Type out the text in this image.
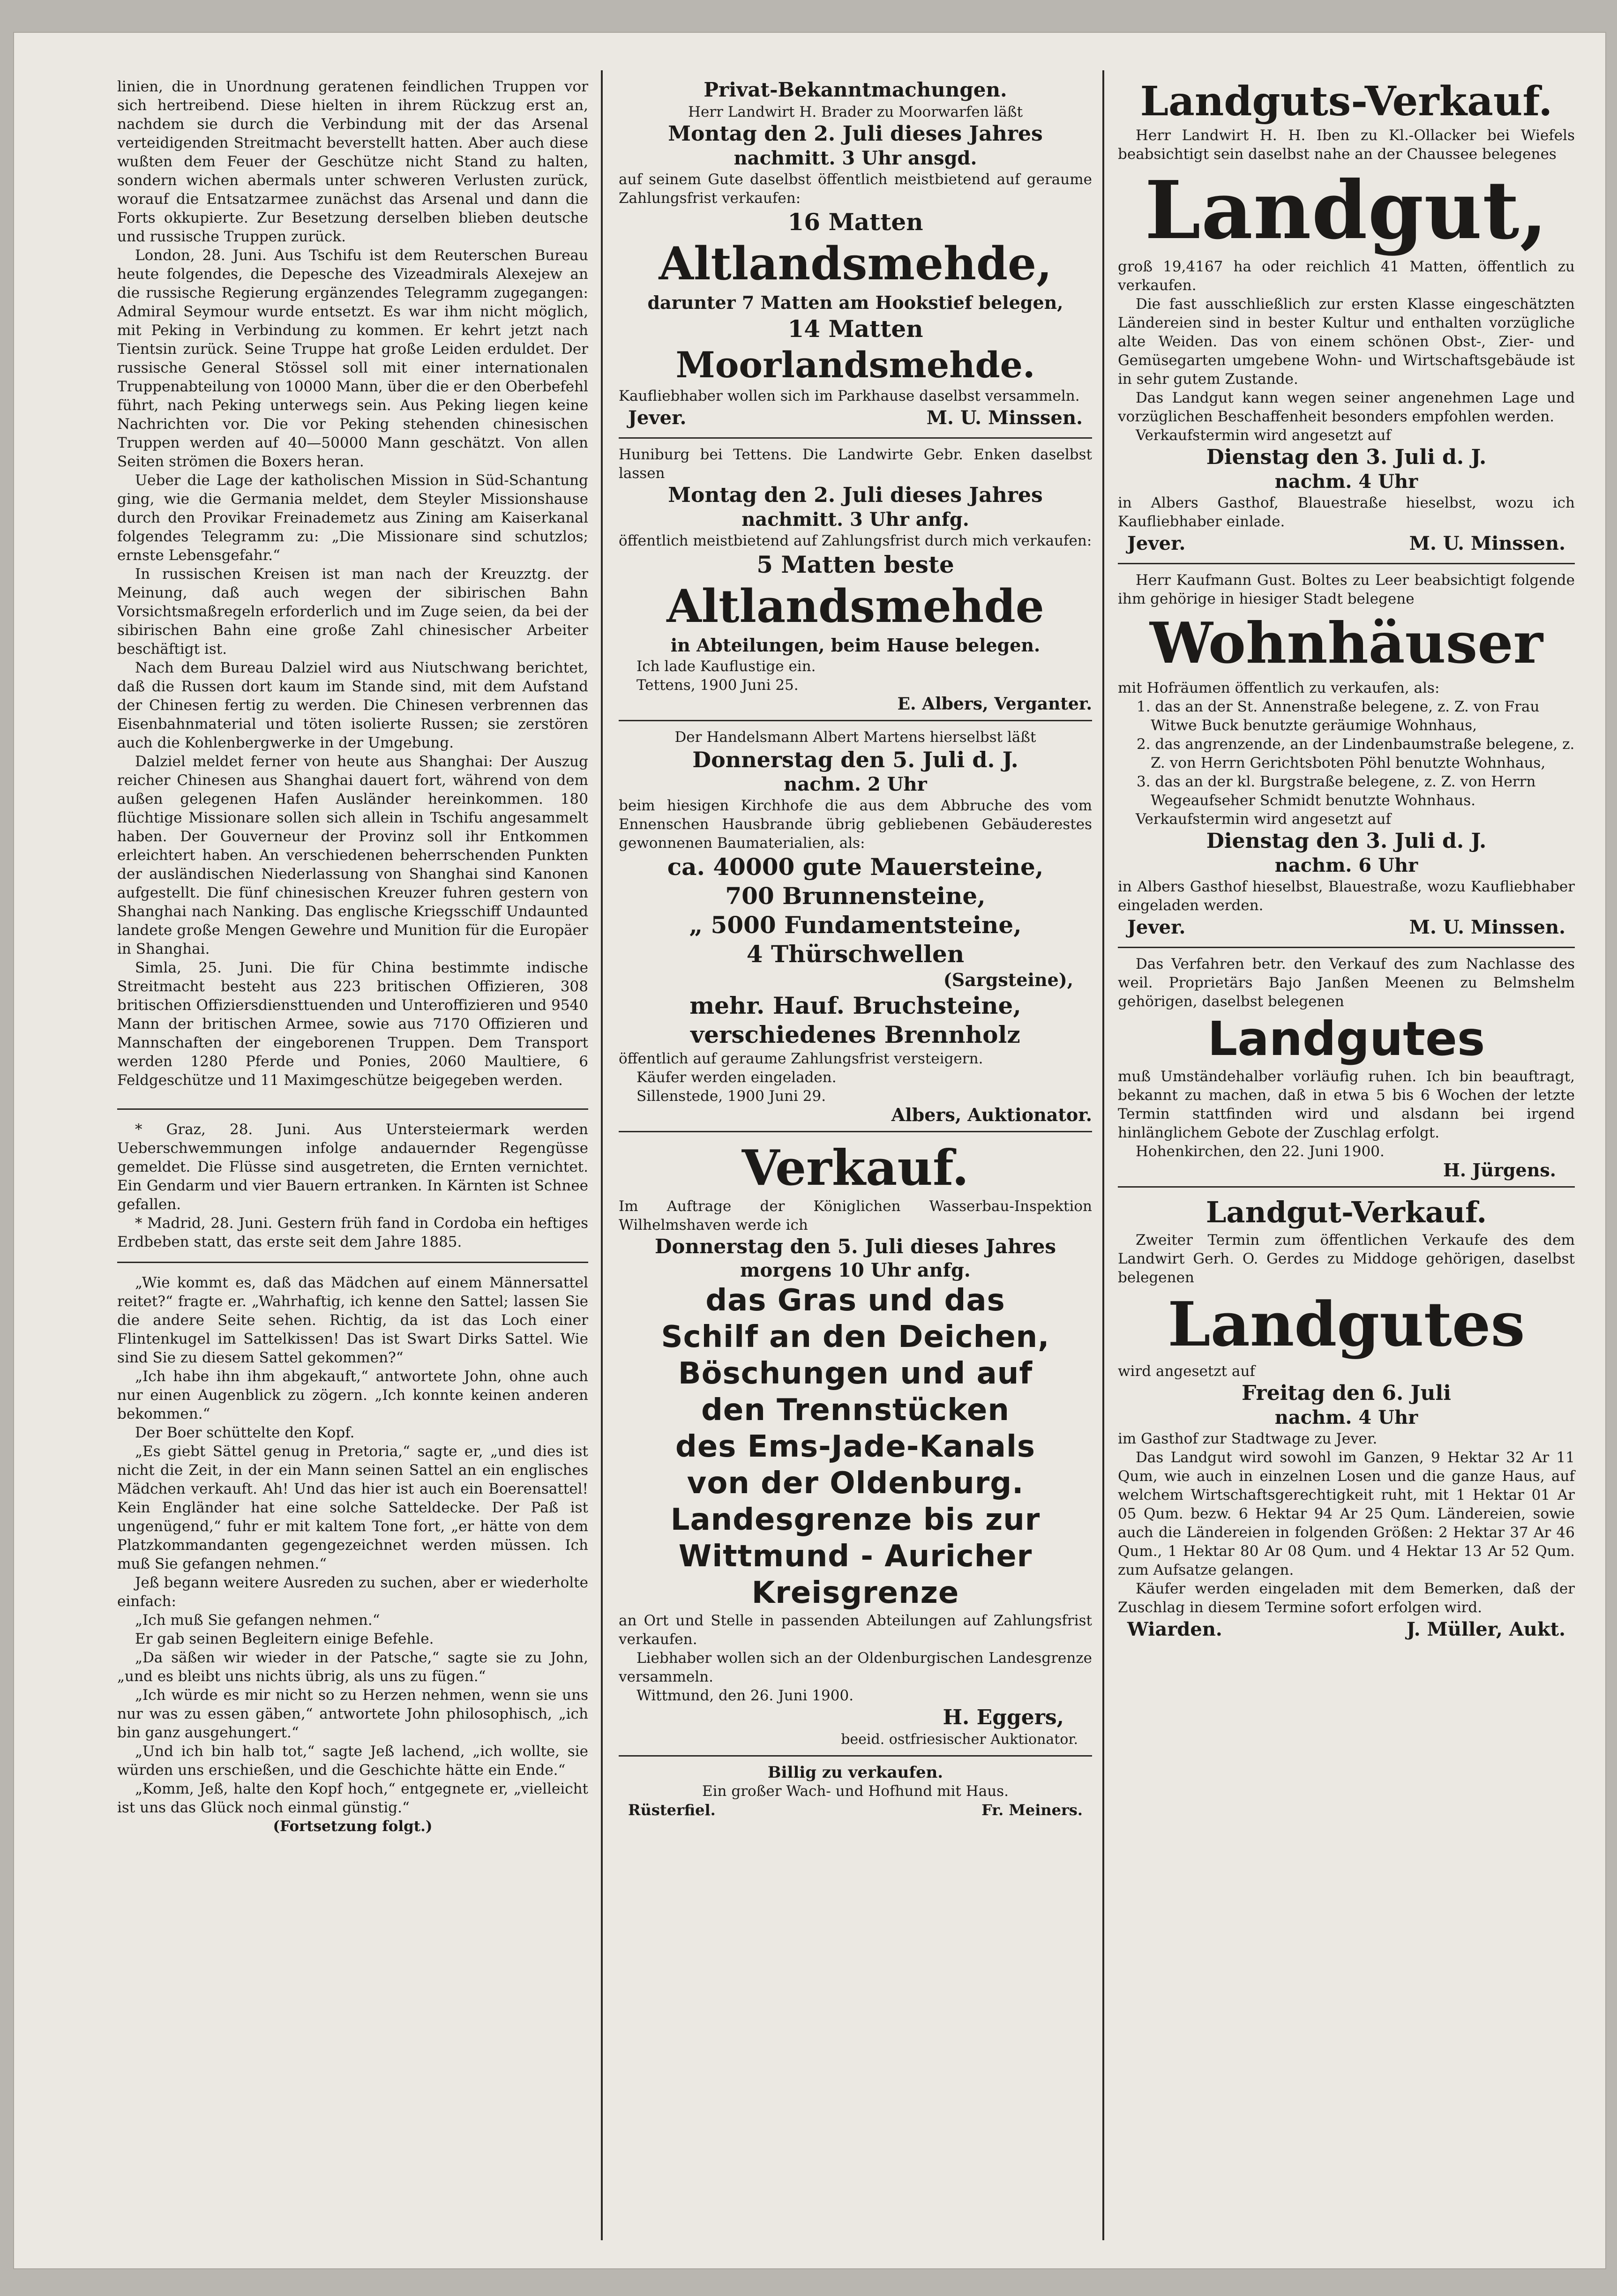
linien, die in Unordnung geratenen feindlichen Truppen vor sich hertreibend. Diese hielten in ihrem Rückzug erst an, nachdem sie durch die Verbindung mit der das Arsenal verteidigenden Streitmacht beverstellt hatten. Aber auch diese wußten dem Feuer der Geschütze nicht Stand zu halten, sondern wichen abermals unter schweren Verlusten zurück, worauf die Entsatzarmee zunächst das Arsenal und dann die Forts okkupierte. Zur Besetzung derselben blieben deutsche und russische Truppen zurück.

London, 28. Juni. Aus Tschifu ist dem Reuterschen Bureau heute folgendes, die Depesche des Vizeadmirals Alexejew an die russische Regierung ergänzendes Telegramm zugegangen: Admiral Seymour wurde entsetzt. Es war ihm nicht möglich, mit Peking in Verbindung zu kommen. Er kehrt jetzt nach Tientsin zurück. Seine Truppe hat große Leiden erduldet. Der russische General Stössel soll mit einer internationalen Truppenabteilung von 10000 Mann, über die er den Oberbefehl führt, nach Peking unterwegs sein. Aus Peking liegen keine Nachrichten vor. Die vor Peking stehenden chinesischen Truppen werden auf 40—50000 Mann geschätzt. Von allen Seiten strömen die Boxers heran.

Ueber die Lage der katholischen Mission in Süd-Schantung ging, wie die Germania meldet, dem Steyler Missionshause durch den Provikar Freinademetz aus Zining am Kaiserkanal folgendes Telegramm zu: „Die Missionare sind schutzlos; ernste Lebensgefahr.“

In russischen Kreisen ist man nach der Kreuzztg. der Meinung, daß auch wegen der sibirischen Bahn Vorsichtsmaßregeln erforderlich und im Zuge seien, da bei der sibirischen Bahn eine große Zahl chinesischer Arbeiter beschäftigt ist.

Nach dem Bureau Dalziel wird aus Niutschwang berichtet, daß die Russen dort kaum im Stande sind, mit dem Aufstand der Chinesen fertig zu werden. Die Chinesen verbrennen das Eisenbahnmaterial und töten isolierte Russen; sie zerstören auch die Kohlenbergwerke in der Umgebung.

Dalziel meldet ferner von heute aus Shanghai: Der Auszug reicher Chinesen aus Shanghai dauert fort, während von dem außen gelegenen Hafen Ausländer hereinkommen. 180 flüchtige Missionare sollen sich allein in Tschifu angesammelt haben. Der Gouverneur der Provinz soll ihr Entkommen erleichtert haben. An verschiedenen beherrschenden Punkten der ausländischen Niederlassung von Shanghai sind Kanonen aufgestellt. Die fünf chinesischen Kreuzer fuhren gestern von Shanghai nach Nanking. Das englische Kriegsschiff Undaunted landete große Mengen Gewehre und Munition für die Europäer in Shanghai.

Simla, 25. Juni. Die für China bestimmte indische Streitmacht besteht aus 223 britischen Offizieren, 308 britischen Offiziersdiensttuenden und Unteroffizieren und 9540 Mann der britischen Armee, sowie aus 7170 Offizieren und Mannschaften der eingeborenen Truppen. Dem Transport werden 1280 Pferde und Ponies, 2060 Maultiere, 6 Feldgeschütze und 11 Maximgeschütze beigegeben werden.

* Graz, 28. Juni. Aus Untersteiermark werden Ueberschwemmungen infolge andauernder Regengüsse gemeldet. Die Flüsse sind ausgetreten, die Ernten vernichtet. Ein Gendarm und vier Bauern ertranken. In Kärnten ist Schnee gefallen.

* Madrid, 28. Juni. Gestern früh fand in Cordoba ein heftiges Erdbeben statt, das erste seit dem Jahre 1885.

„Wie kommt es, daß das Mädchen auf einem Männersattel reitet?“ fragte er. „Wahrhaftig, ich kenne den Sattel; lassen Sie die andere Seite sehen. Richtig, da ist das Loch einer Flintenkugel im Sattelkissen! Das ist Swart Dirks Sattel. Wie sind Sie zu diesem Sattel gekommen?“

„Ich habe ihn ihm abgekauft,“ antwortete John, ohne auch nur einen Augenblick zu zögern. „Ich konnte keinen anderen bekommen.“

Der Boer schüttelte den Kopf.

„Es giebt Sättel genug in Pretoria,“ sagte er, „und dies ist nicht die Zeit, in der ein Mann seinen Sattel an ein englisches Mädchen verkauft. Ah! Und das hier ist auch ein Boerensattel! Kein Engländer hat eine solche Satteldecke. Der Paß ist ungenügend,“ fuhr er mit kaltem Tone fort, „er hätte von dem Platzkommandanten gegengezeichnet werden müssen. Ich muß Sie gefangen nehmen.“

Jeß begann weitere Ausreden zu suchen, aber er wiederholte einfach:

„Ich muß Sie gefangen nehmen.“

Er gab seinen Begleitern einige Befehle.

„Da säßen wir wieder in der Patsche,“ sagte sie zu John, „und es bleibt uns nichts übrig, als uns zu fügen.“

„Ich würde es mir nicht so zu Herzen nehmen, wenn sie uns nur was zu essen gäben,“ antwortete John philosophisch, „ich bin ganz ausgehungert.“

„Und ich bin halb tot,“ sagte Jeß lachend, „ich wollte, sie würden uns erschießen, und die Geschichte hätte ein Ende.“

„Komm, Jeß, halte den Kopf hoch,“ entgegnete er, „vielleicht ist uns das Glück noch einmal günstig.“

(Fortsetzung folgt.)

Privat-Bekanntmachungen.

Herr Landwirt H. Brader zu Moorwarfen läßt

Montag den 2. Juli dieses Jahres

nachmitt. 3 Uhr ansgd.

auf seinem Gute daselbst öffentlich meistbietend auf geraume Zahlungsfrist verkaufen:

16 Matten

Altlandsmehde,

darunter 7 Matten am Hookstief belegen,

14 Matten

Moorlandsmehde.

Kaufliebhaber wollen sich im Parkhause daselbst versammeln.

Jever.	M. U. Minssen.

Huniburg bei Tettens. Die Landwirte Gebr. Enken daselbst lassen

Montag den 2. Juli dieses Jahres

nachmitt. 3 Uhr anfg.

öffentlich meistbietend auf Zahlungsfrist durch mich verkaufen:

5 Matten beste

Altlandsmehde

in Abteilungen, beim Hause belegen.

Ich lade Kauflustige ein.

Tettens, 1900 Juni 25.

E. Albers, Verganter.

Der Handelsmann Albert Martens hierselbst läßt

Donnerstag den 5. Juli d. J.

nachm. 2 Uhr

beim hiesigen Kirchhofe die aus dem Abbruche des vom Ennenschen Hausbrande übrig gebliebenen Gebäuderestes gewonnenen Baumaterialien, als:

ca. 40000 gute Mauersteine,

700 Brunnensteine,

„ 5000 Fundamentsteine,

4 Thürschwellen

(Sargsteine),

mehr. Hauf. Bruchsteine,

verschiedenes Brennholz

öffentlich auf geraume Zahlungsfrist versteigern.

Käufer werden eingeladen.

Sillenstede, 1900 Juni 29.

Albers, Auktionator.

Verkauf.

Im Auftrage der Königlichen Wasserbau-Inspektion Wilhelmshaven werde ich

Donnerstag den 5. Juli dieses Jahres

morgens 10 Uhr anfg.

das Gras und das

Schilf an den Deichen,

Böschungen und auf

den Trennstücken

des Ems-Jade-Kanals

von der Oldenburg.

Landesgrenze bis zur

Wittmund - Auricher

Kreisgrenze

an Ort und Stelle in passenden Abteilungen auf Zahlungsfrist verkaufen.

Liebhaber wollen sich an der Oldenburgischen Landesgrenze versammeln.

Wittmund, den 26. Juni 1900.

H. Eggers,

beeid. ostfriesischer Auktionator.

Billig zu verkaufen.

Ein großer Wach- und Hofhund mit Haus.

Rüsterfiel.	Fr. Meiners.

Landguts-Verkauf.

Herr Landwirt H. H. Iben zu Kl.-Ollacker bei Wiefels beabsichtigt sein daselbst nahe an der Chaussee belegenes

Landgut,

groß 19,4167 ha oder reichlich 41 Matten, öffentlich zu verkaufen.

Die fast ausschließlich zur ersten Klasse eingeschätzten Ländereien sind in bester Kultur und enthalten vorzügliche alte Weiden. Das von einem schönen Obst-, Zier- und Gemüsegarten umgebene Wohn- und Wirtschaftsgebäude ist in sehr gutem Zustande.

Das Landgut kann wegen seiner angenehmen Lage und vorzüglichen Beschaffenheit besonders empfohlen werden.

Verkaufstermin wird angesetzt auf

Dienstag den 3. Juli d. J.

nachm. 4 Uhr

in Albers Gasthof, Blauestraße hieselbst, wozu ich Kaufliebhaber einlade.

Jever.	M. U. Minssen.

Herr Kaufmann Gust. Boltes zu Leer beabsichtigt folgende ihm gehörige in hiesiger Stadt belegene

Wohnhäuser

mit Hofräumen öffentlich zu verkaufen, als:

1. das an der St. Annenstraße belegene, z. Z. von Frau Witwe Buck benutzte geräumige Wohnhaus,
2. das angrenzende, an der Lindenbaumstraße belegene, z. Z. von Herrn Gerichtsboten Pöhl benutzte Wohnhaus,
3. das an der kl. Burgstraße belegene, z. Z. von Herrn Wegeaufseher Schmidt benutzte Wohnhaus.

Verkaufstermin wird angesetzt auf

Dienstag den 3. Juli d. J.

nachm. 6 Uhr

in Albers Gasthof hieselbst, Blauestraße, wozu Kaufliebhaber eingeladen werden.

Jever.	M. U. Minssen.

Das Verfahren betr. den Verkauf des zum Nachlasse des weil. Proprietärs Bajo Janßen Meenen zu Belmshelm gehörigen, daselbst belegenen

Landgutes

muß Umständehalber vorläufig ruhen. Ich bin beauftragt, bekannt zu machen, daß in etwa 5 bis 6 Wochen der letzte Termin stattfinden wird und alsdann bei irgend hinlänglichem Gebote der Zuschlag erfolgt.

Hohenkirchen, den 22. Juni 1900.

H. Jürgens.

Landgut-Verkauf.

Zweiter Termin zum öffentlichen Verkaufe des dem Landwirt Gerh. O. Gerdes zu Middoge gehörigen, daselbst belegenen

Landgutes

wird angesetzt auf

Freitag den 6. Juli

nachm. 4 Uhr

im Gasthof zur Stadtwage zu Jever.

Das Landgut wird sowohl im Ganzen, 9 Hektar 32 Ar 11 Qum, wie auch in einzelnen Losen und die ganze Haus, auf welchem Wirtschaftsgerechtigkeit ruht, mit 1 Hektar 01 Ar 05 Qum. bezw. 6 Hektar 94 Ar 25 Qum. Ländereien, sowie auch die Ländereien in folgenden Größen: 2 Hektar 37 Ar 46 Qum., 1 Hektar 80 Ar 08 Qum. und 4 Hektar 13 Ar 52 Qum. zum Aufsatze gelangen.

Käufer werden eingeladen mit dem Bemerken, daß der Zuschlag in diesem Termine sofort erfolgen wird.

Wiarden.	J. Müller, Aukt.
